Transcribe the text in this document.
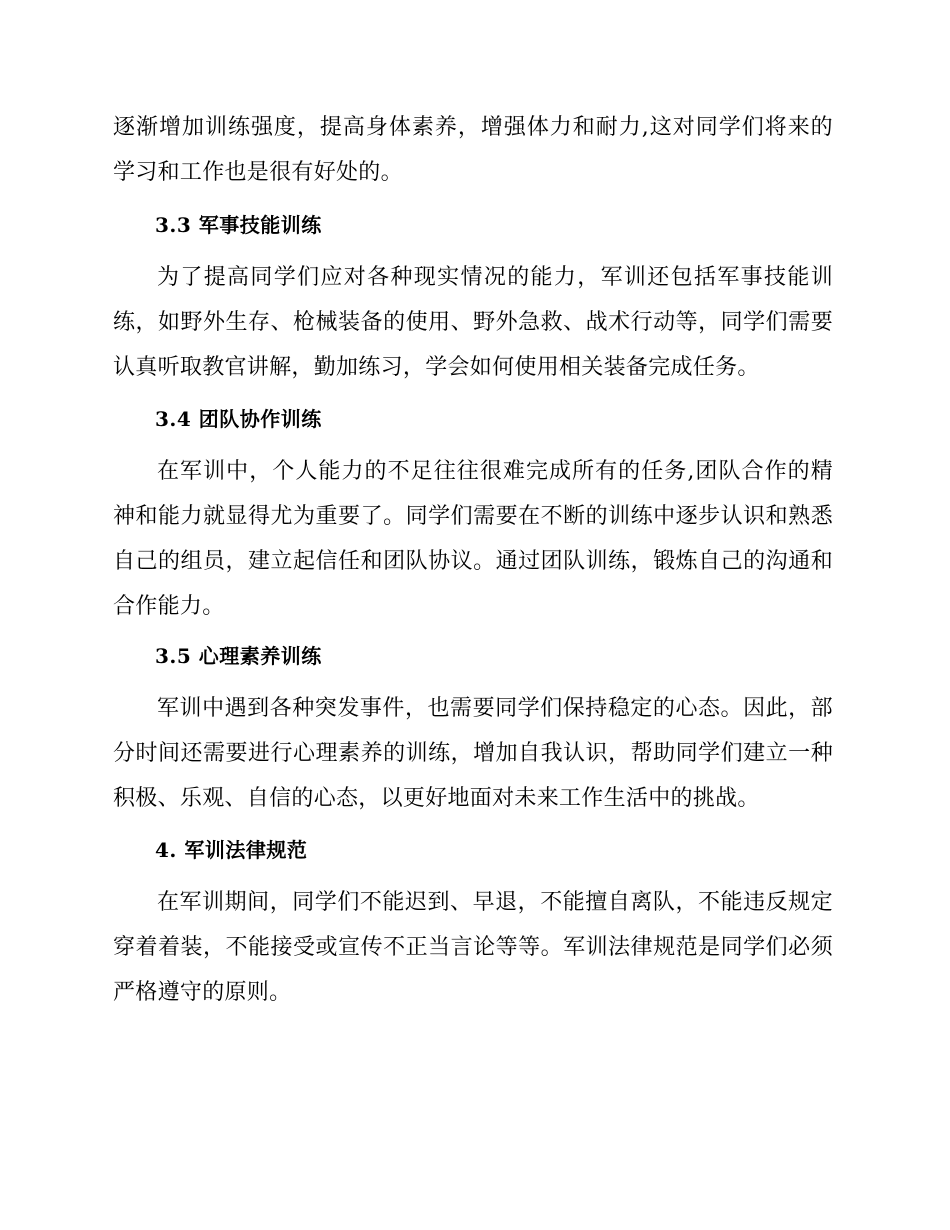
逐渐增加训练强度，提高身体素养，增强体力和耐力,这对同学们将来的学习和工作也是很有好处的。

3.3 军事技能训练

为了提高同学们应对各种现实情况的能力，军训还包括军事技能训练，如野外生存、枪械装备的使用、野外急救、战术行动等，同学们需要认真听取教官讲解，勤加练习，学会如何使用相关装备完成任务。

3.4 团队协作训练

在军训中，个人能力的不足往往很难完成所有的任务,团队合作的精神和能力就显得尤为重要了。同学们需要在不断的训练中逐步认识和熟悉自己的组员，建立起信任和团队协议。通过团队训练，锻炼自己的沟通和合作能力。

3.5 心理素养训练

军训中遇到各种突发事件，也需要同学们保持稳定的心态。因此，部分时间还需要进行心理素养的训练，增加自我认识，帮助同学们建立一种积极、乐观、自信的心态，以更好地面对未来工作生活中的挑战。

4. 军训法律规范

在军训期间，同学们不能迟到、早退，不能擅自离队，不能违反规定穿着着装，不能接受或宣传不正当言论等等。军训法律规范是同学们必须严格遵守的原则。
